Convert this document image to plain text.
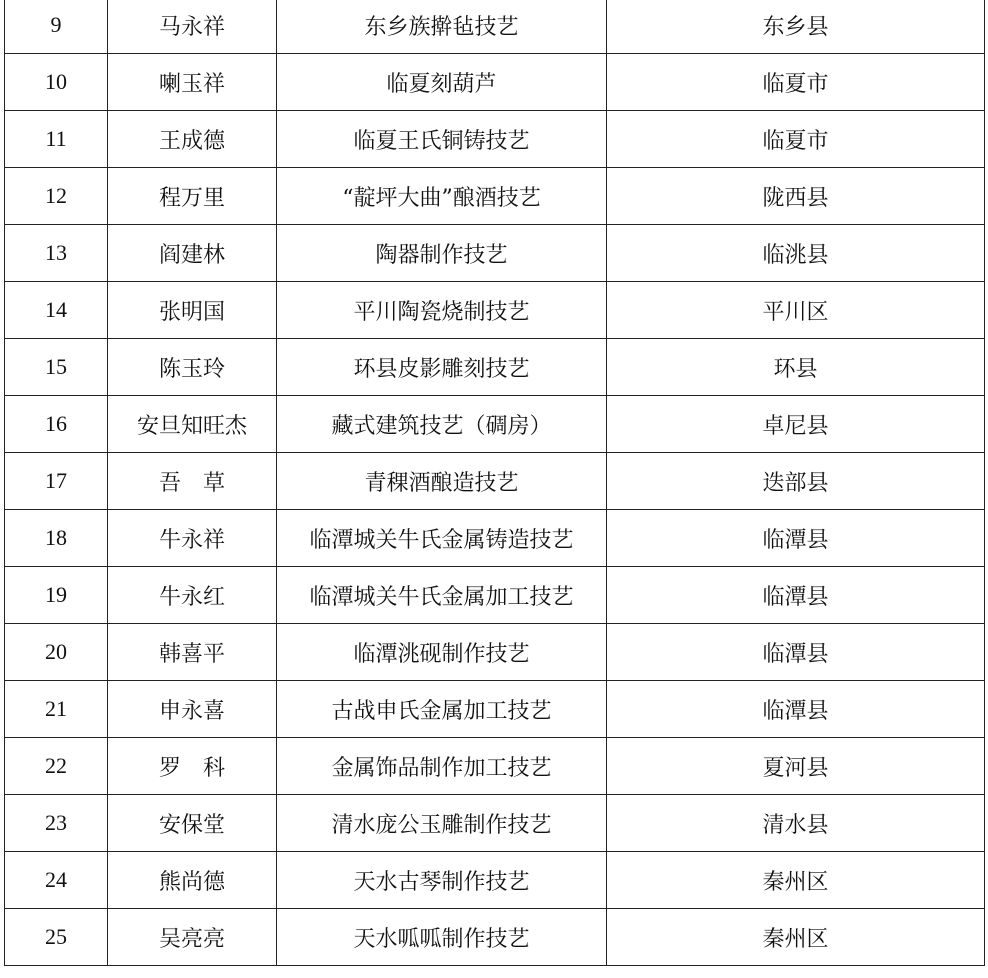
9	马永祥	东乡族擀毡技艺	东乡县
10	喇玉祥	临夏刻葫芦	临夏市
11	王成德	临夏王氏铜铸技艺	临夏市
12	程万里	“靛坪大曲”酿酒技艺	陇西县
13	阎建林	陶器制作技艺	临洮县
14	张明国	平川陶瓷烧制技艺	平川区
15	陈玉玲	环县皮影雕刻技艺	环县
16	安旦知旺杰	藏式建筑技艺（碉房）	卓尼县
17	吾　草	青稞酒酿造技艺	迭部县
18	牛永祥	临潭城关牛氏金属铸造技艺	临潭县
19	牛永红	临潭城关牛氏金属加工技艺	临潭县
20	韩喜平	临潭洮砚制作技艺	临潭县
21	申永喜	古战申氏金属加工技艺	临潭县
22	罗　科	金属饰品制作加工技艺	夏河县
23	安保堂	清水庞公玉雕制作技艺	清水县
24	熊尚德	天水古琴制作技艺	秦州区
25	吴亮亮	天水呱呱制作技艺	秦州区
